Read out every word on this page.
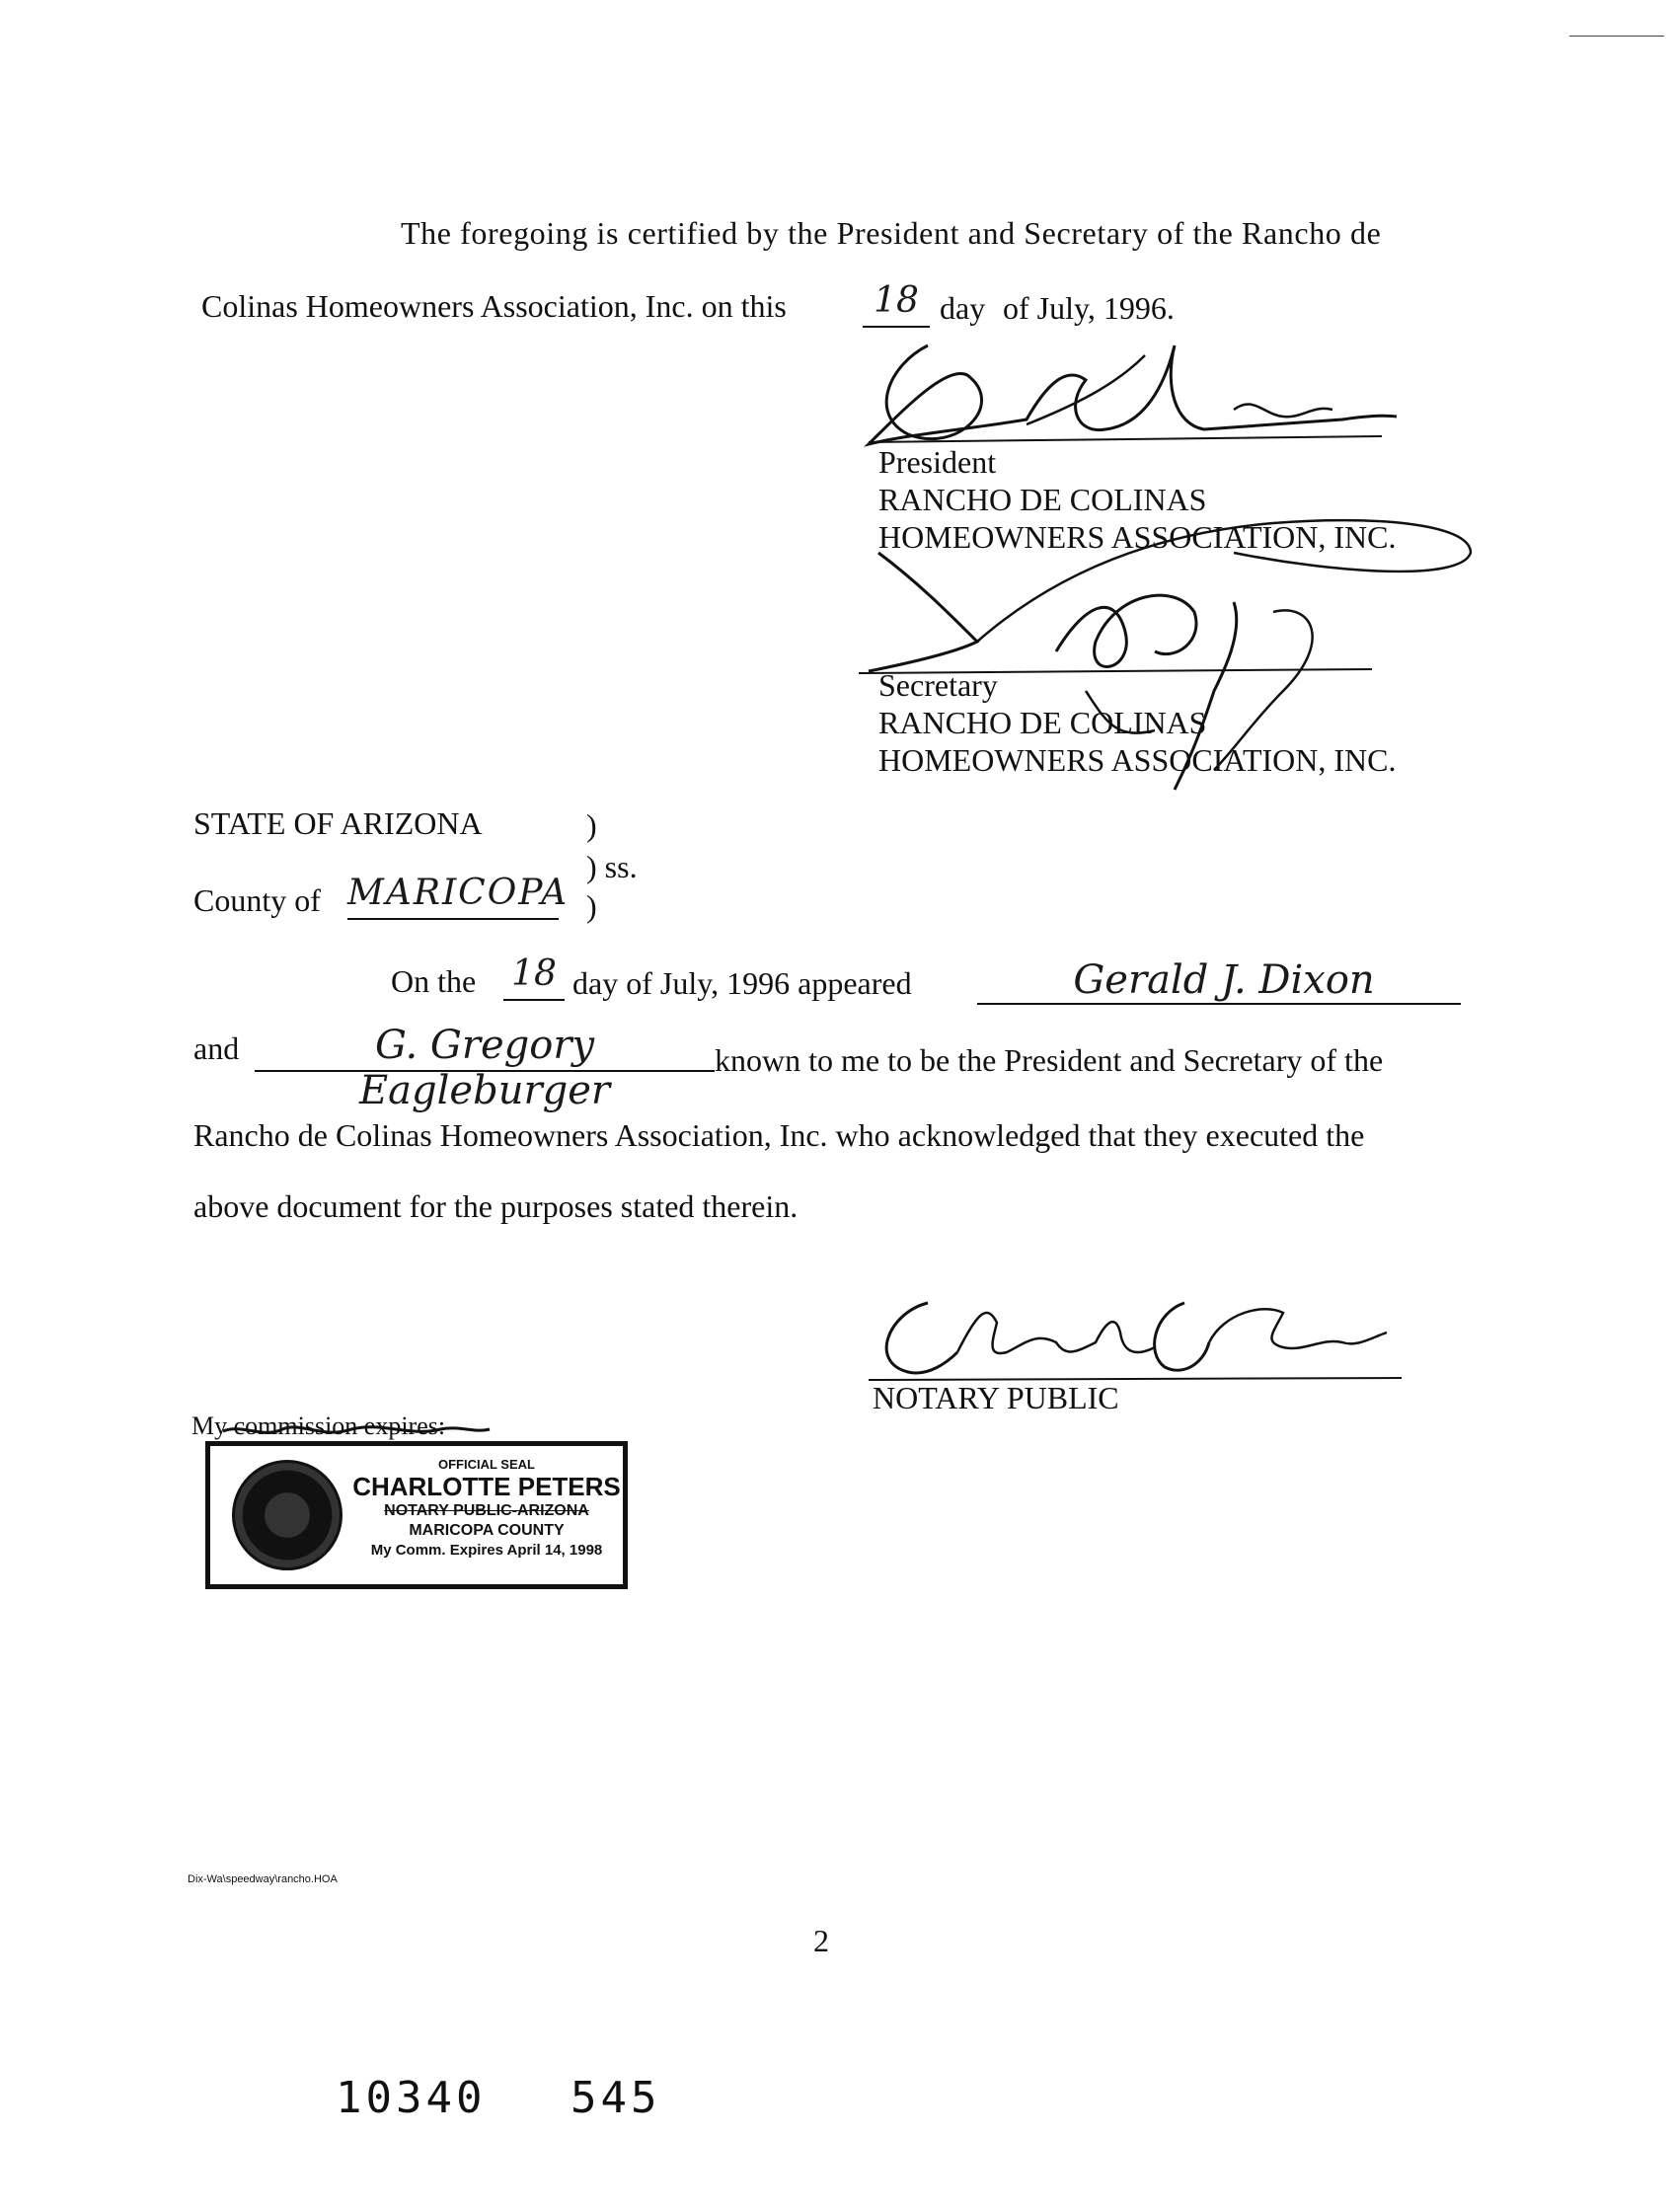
The foregoing is certified by the President and Secretary of the Rancho de
Colinas Homeowners Association, Inc. on this	18 day of July, 1996.
President
RANCHO DE COLINAS
HOMEOWNERS ASSOCIATION, INC.
Secretary
RANCHO DE COLINAS
HOMEOWNERS ASSOCIATION, INC.
STATE OF ARIZONA	)
) ss.
County of MARICOPA )
On the 18 day of July, 1996 appeared	Gerald J. Dixon
and	G. Gregory Eagleburger
known to me to be the President and Secretary of the
Rancho de Colinas Homeowners Association, Inc. who acknowledged that they executed the
above document for the purposes stated therein.
NOTARY PUBLIC
My commission expires:
OFFICIAL SEAL
CHARLOTTE PETERS
NOTARY PUBLIC-ARIZONA
MARICOPA COUNTY
My Comm. Expires April 14, 1998
Dix-Wa\speedway\rancho.HOA
2
10340 545
